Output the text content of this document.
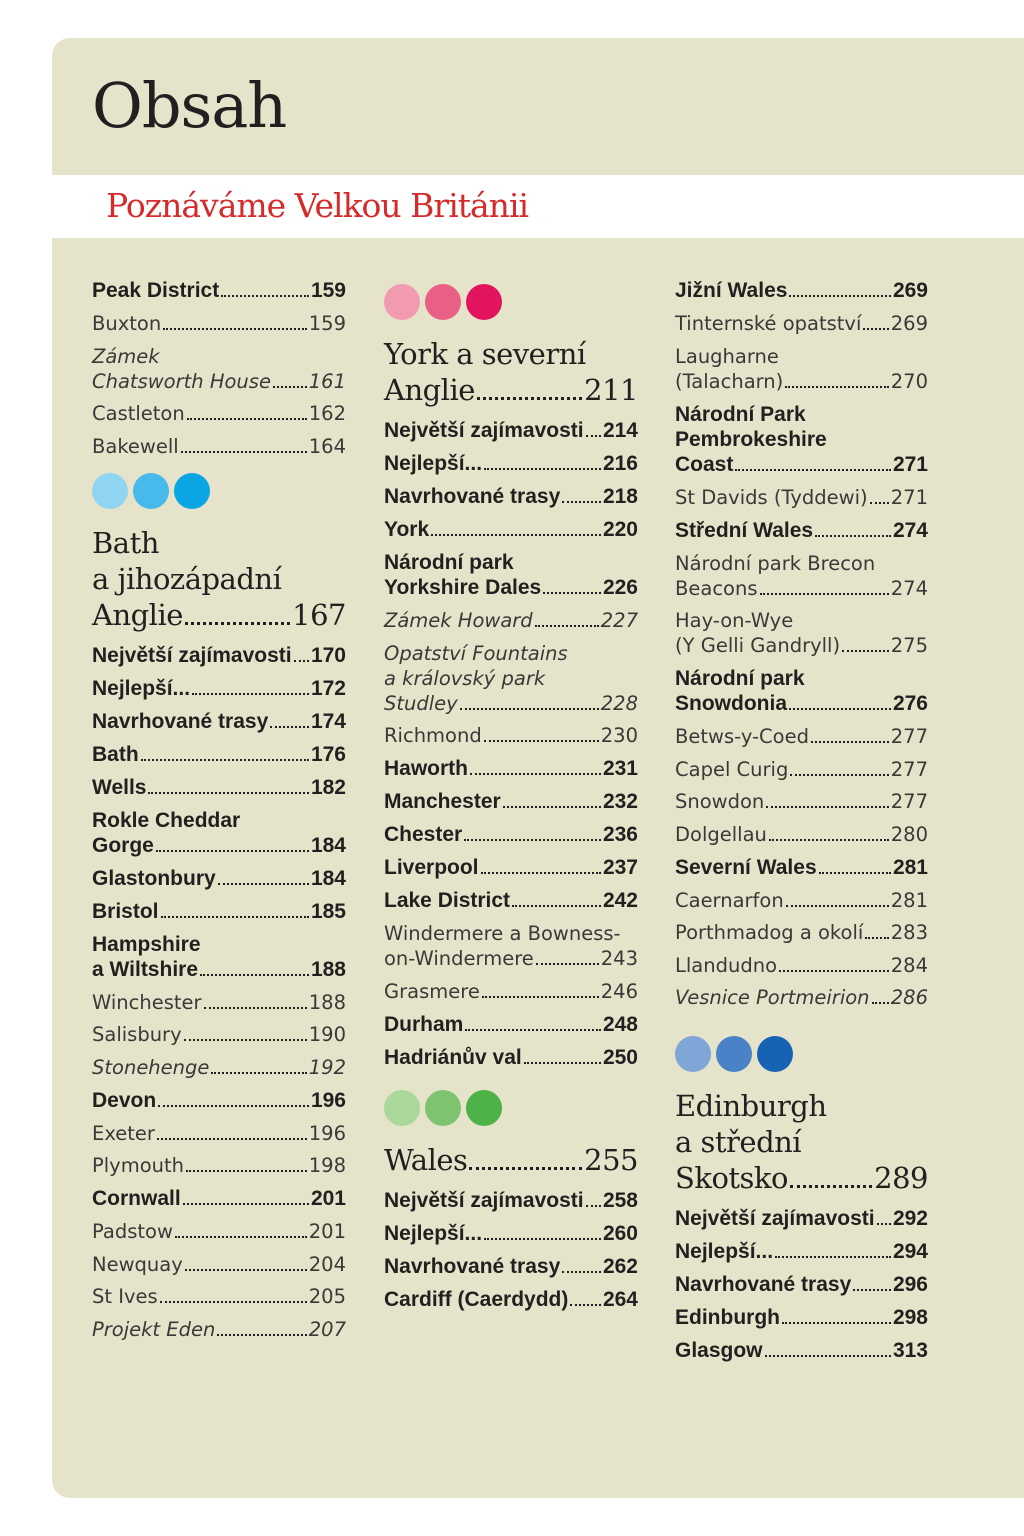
Obsah
Poznáváme Velkou Británii
Peak District	159
Buxton	159
Zámek
Chatsworth House 161
Castleton	162
Bakewell	164
Bath
a jihozápadní
Anglie	167
Největší zajímavosti 170
Nejlepší...	172
Navrhované trasy 174
Bath	176
Wells	182
Rokle Cheddar
Gorge	184
Glastonbury	184
Bristol	185
Hampshire
a Wiltshire	188
Winchester	188
Salisbury	190
Stonehenge	192
Devon	196
Exeter	196
Plymouth	198
Cornwall	201
Padstow	201
Newquay	204
St Ives	205
Projekt Eden	207
York a severní
Anglie	211
Největší zajímavosti 214
Nejlepší...	216
Navrhované trasy 218
York	220
Národní park
Yorkshire Dales	226
Zámek Howard	227
Opatství Fountains
a královský park
Studley	228
Richmond	230
Haworth	231
Manchester	232
Chester	236
Liverpool	237
Lake District	242
Windermere a Bowness-
on-Windermere	243
Grasmere	246
Durham	248
Hadriánův val	250
Wales	255
Největší zajímavosti 258
Nejlepší...	260
Navrhované trasy 262
Cardiff (Caerdydd) 264
Jižní Wales	269
Tinternské opatství 269
Laugharne
(Talacharn)	270
Národní Park
Pembrokeshire
Coast	271
St Davids (Tyddewi) 271
Střední Wales	274
Národní park Brecon
Beacons	274
Hay-on-Wye
(Y Gelli Gandryll)	275
Národní park
Snowdonia	276
Betws-y-Coed	277
Capel Curig	277
Snowdon	277
Dolgellau	280
Severní Wales	281
Caernarfon	281
Porthmadog a okolí 283
Llandudno	284
Vesnice Portmeirion 286
Edinburgh
a střední
Skotsko	289
Největší zajímavosti 292
Nejlepší...	294
Navrhované trasy 296
Edinburgh	298
Glasgow	313
